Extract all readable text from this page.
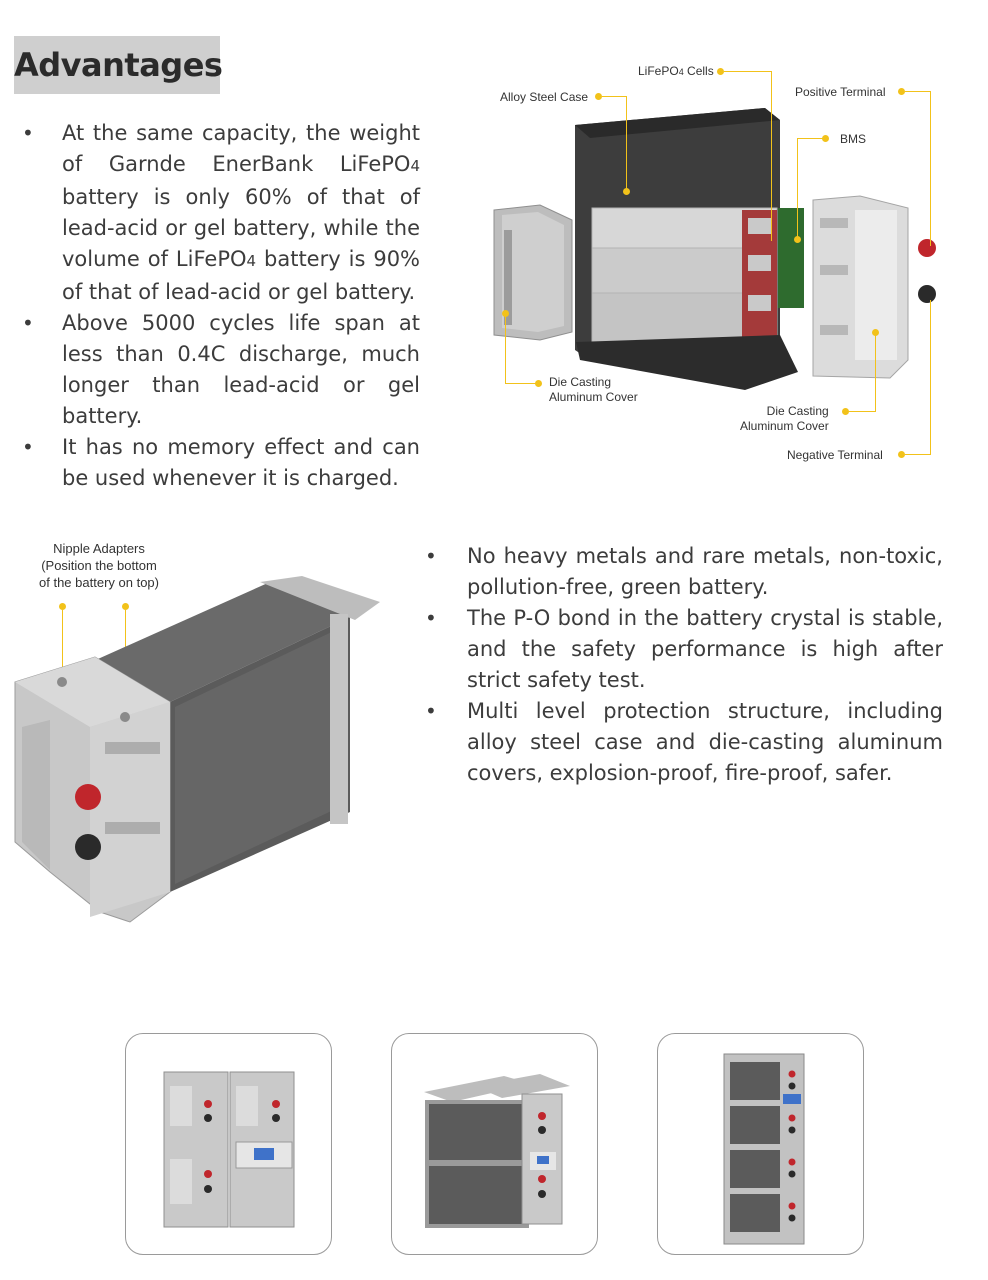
Advantages
• At the same capacity, the weight of Garnde EnerBank LiFePO4 battery is only 60% of that of lead-acid or gel battery, while the volume of LiFePO4 battery is 90% of that of lead-acid or gel battery.
• Above 5000 cycles life span at less than 0.4C discharge, much longer than lead-acid or gel battery.
• It has no memory effect and can be used whenever it is charged.
LiFePO4 Cells
Alloy Steel Case	Positive Terminal
BMS
Die Casting
Aluminum Cover
Die Casting
Aluminum Cover
Negative Terminal
Nipple Adapters
(Position the bottom
of the battery on top)
• No heavy metals and rare metals, non-toxic, pollution-free, green battery.
• The P-O bond in the battery crystal is stable, and the safety performance is high after strict safety test.
• Multi level protection structure, including alloy steel case and die-casting aluminum covers, explosion-proof, fire-proof, safer.
